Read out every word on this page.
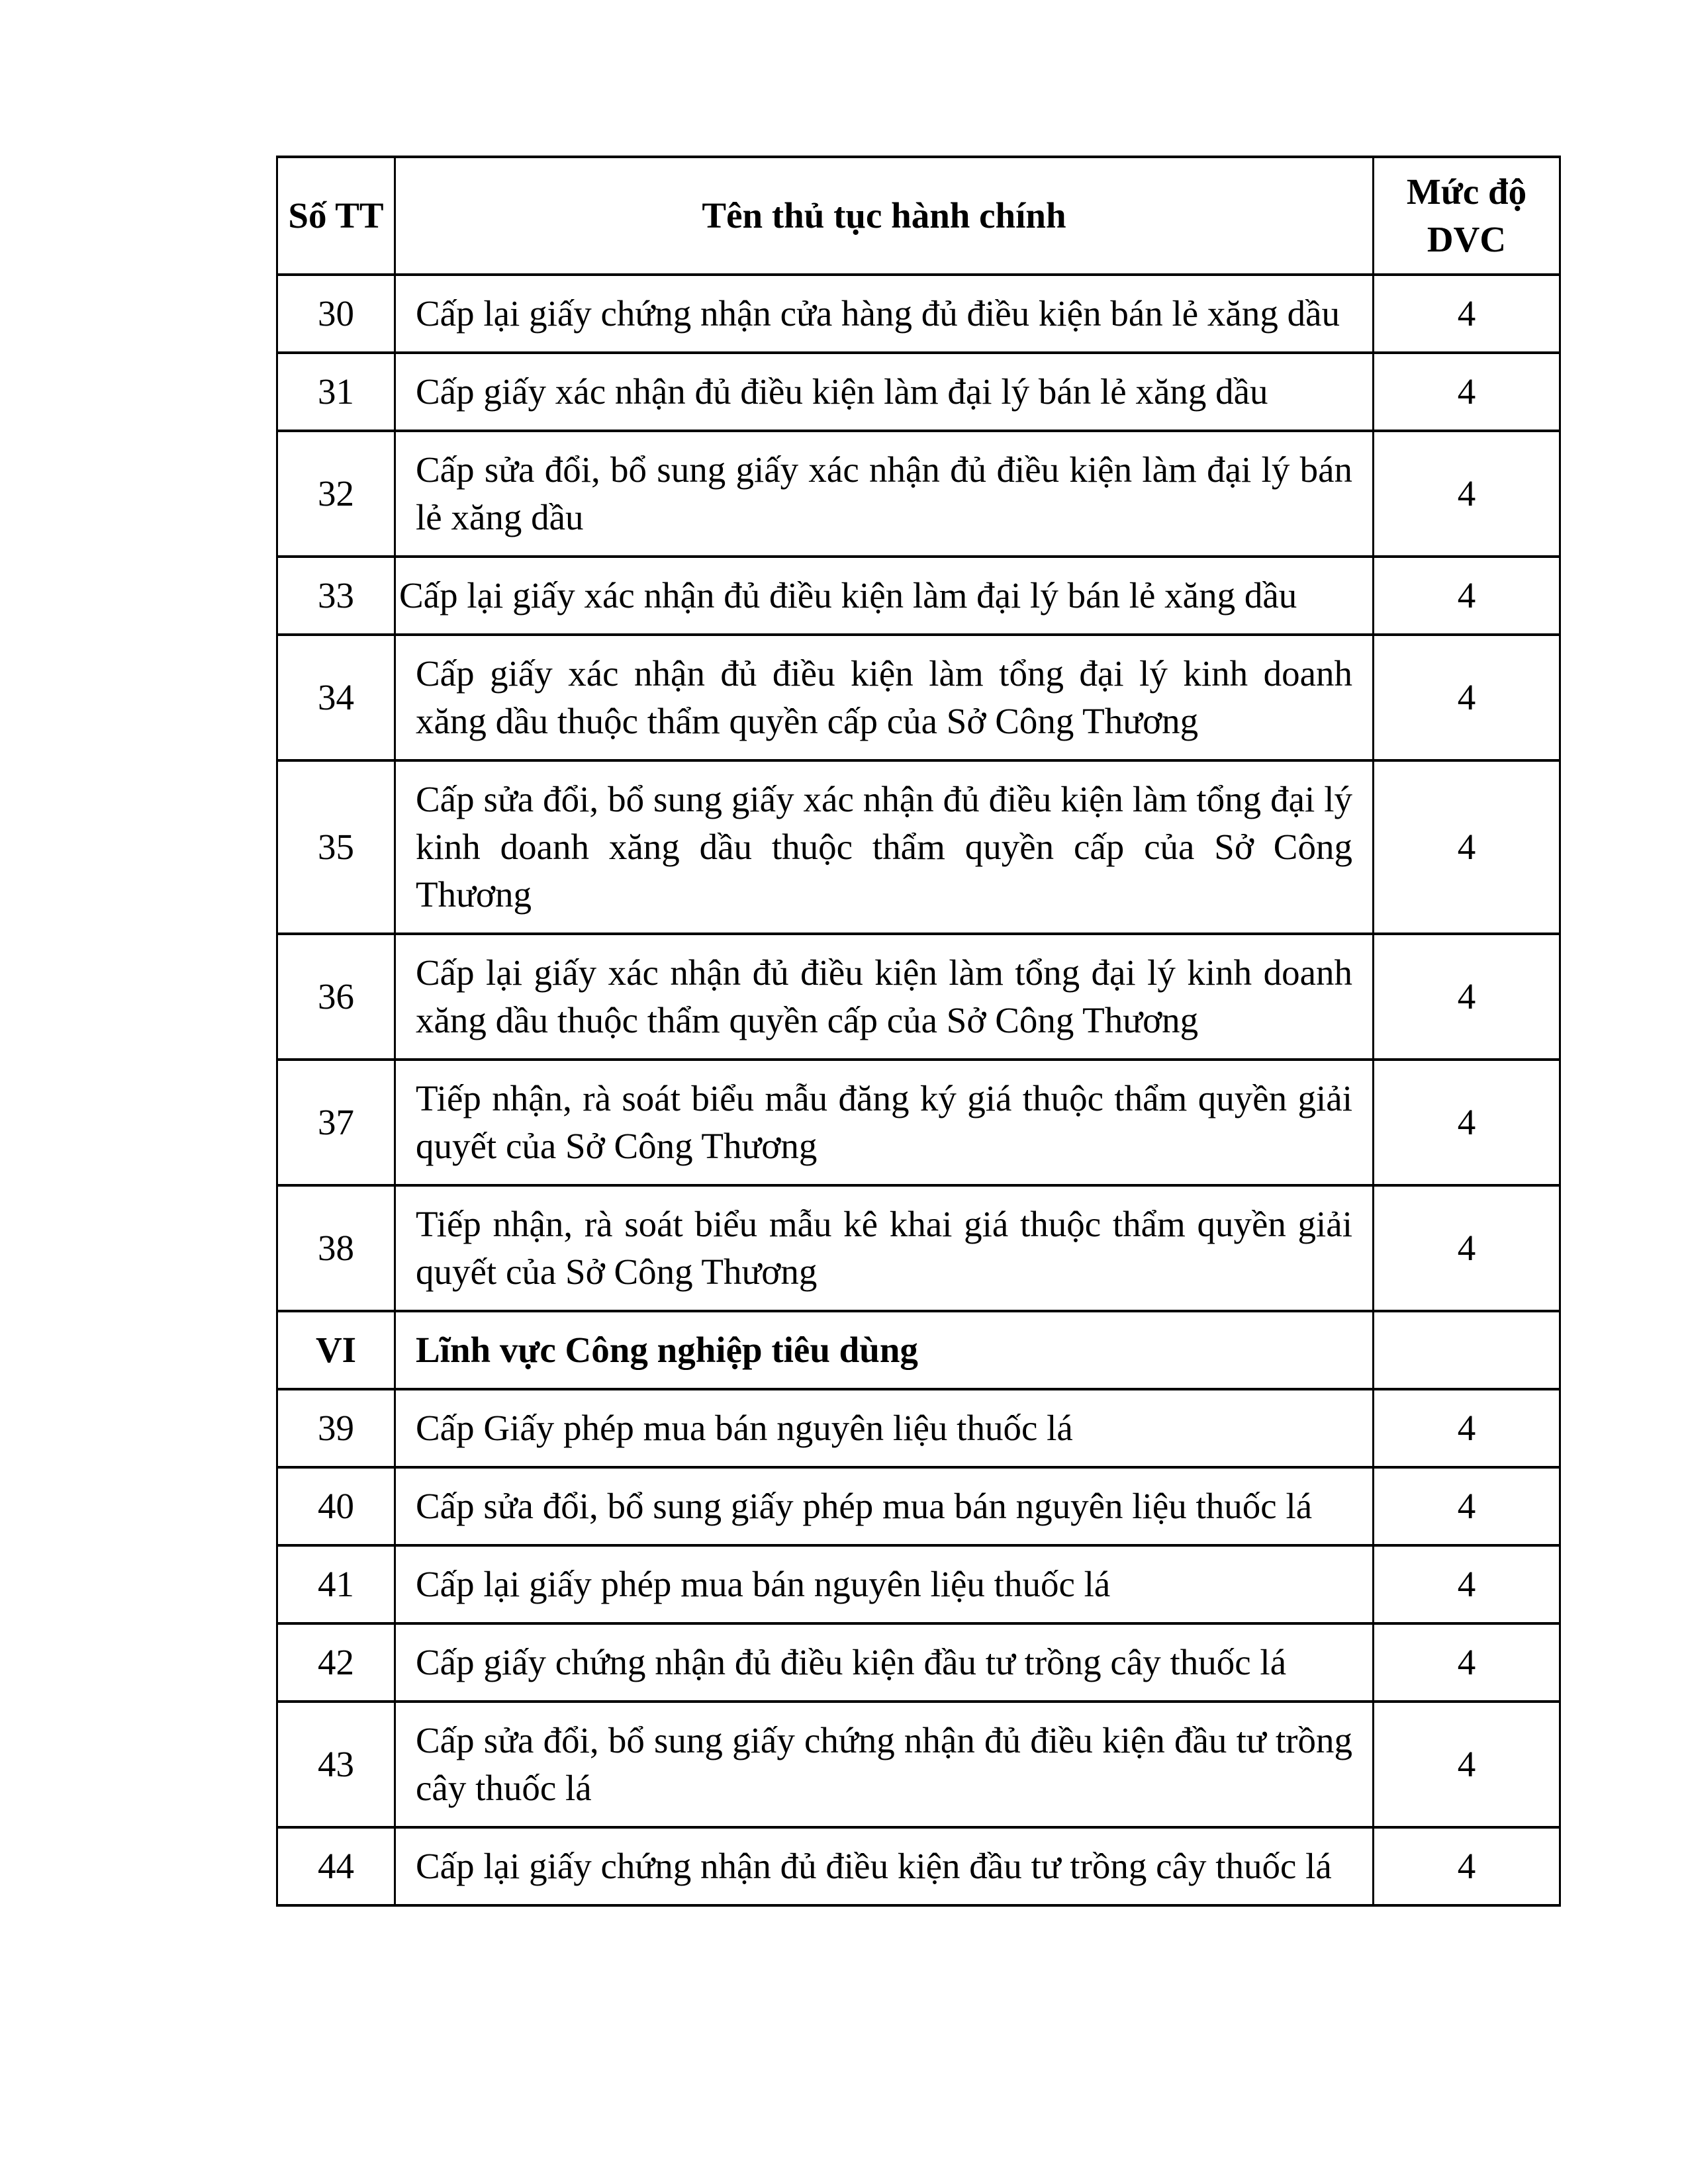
Số TT	Tên thủ tục hành chính	Mức độ DVC
30	Cấp lại giấy chứng nhận cửa hàng đủ điều kiện bán lẻ xăng dầu	4
31	Cấp giấy xác nhận đủ điều kiện làm đại lý bán lẻ xăng dầu	4
32	Cấp sửa đổi, bổ sung giấy xác nhận đủ điều kiện làm đại lý bán lẻ xăng dầu	4
33	Cấp lại giấy xác nhận đủ điều kiện làm đại lý bán lẻ xăng dầu	4
34	Cấp giấy xác nhận đủ điều kiện làm tổng đại lý kinh doanh xăng dầu thuộc thẩm quyền cấp của Sở Công Thương	4
35	Cấp sửa đổi, bổ sung giấy xác nhận đủ điều kiện làm tổng đại lý kinh doanh xăng dầu thuộc thẩm quyền cấp của Sở Công Thương	4
36	Cấp lại giấy xác nhận đủ điều kiện làm tổng đại lý kinh doanh xăng dầu thuộc thẩm quyền cấp của Sở Công Thương	4
37	Tiếp nhận, rà soát biểu mẫu đăng ký giá thuộc thẩm quyền giải quyết của Sở Công Thương	4
38	Tiếp nhận, rà soát biểu mẫu kê khai giá thuộc thẩm quyền giải quyết của Sở Công Thương	4
VI	Lĩnh vực Công nghiệp tiêu dùng	
39	Cấp Giấy phép mua bán nguyên liệu thuốc lá	4
40	Cấp sửa đổi, bổ sung giấy phép mua bán nguyên liệu thuốc lá	4
41	Cấp lại giấy phép mua bán nguyên liệu thuốc lá	4
42	Cấp giấy chứng nhận đủ điều kiện đầu tư trồng cây thuốc lá	4
43	Cấp sửa đổi, bổ sung giấy chứng nhận đủ điều kiện đầu tư trồng cây thuốc lá	4
44	Cấp lại giấy chứng nhận đủ điều kiện đầu tư trồng cây thuốc lá	4
